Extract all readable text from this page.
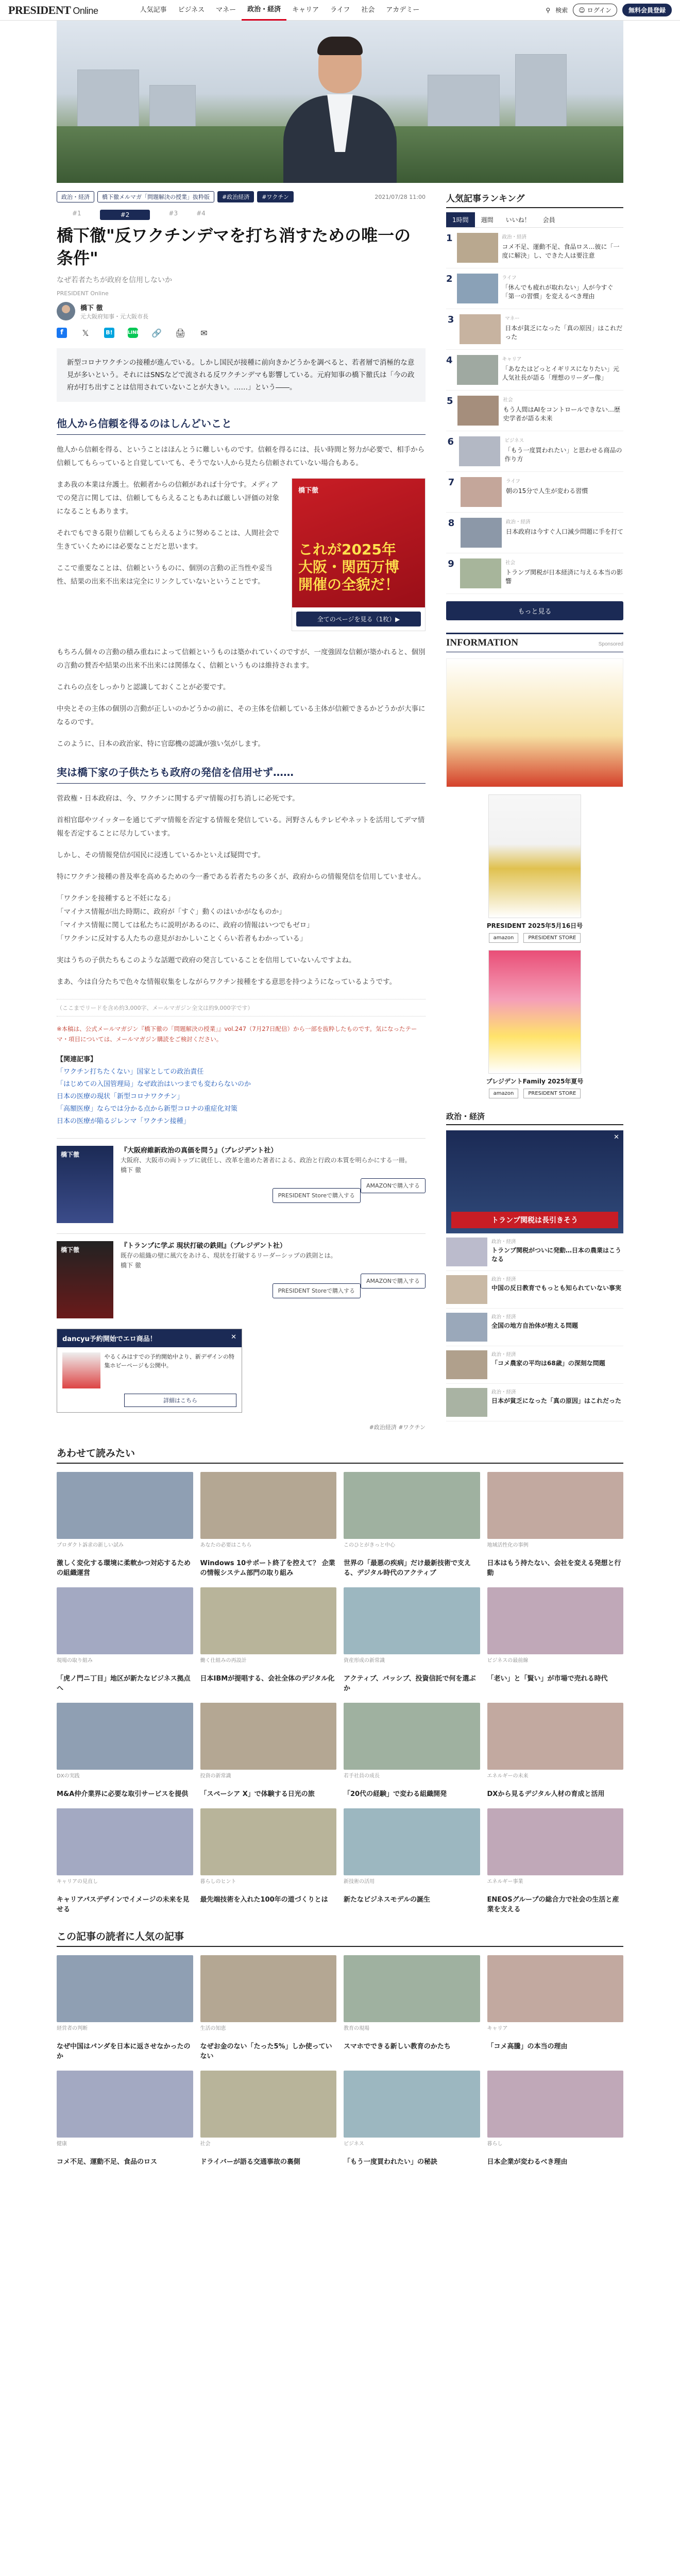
PRESIDENT Online	人気記事	ビジネス	マネー	政治・経済	キャリア	ライフ	社会	アカデミー	⚲ 検索	☺ ログイン	無料会員登録
政治・経済	橋下徹メルマガ「問題解決の授業」抜粋版	#政治経済	#ワクチン	2021/07/28 11:00
#1	#2	#3	#4
橋下徹"反ワクチンデマを打ち消すための唯一の条件"
なぜ若者たちが政府を信用しないか
PRESIDENT Online
橋下 徹
元大阪府知事・元大阪市長
f	𝕏	B!	LINE 🔗 🖨 ✉
新型コロナワクチンの接種が進んでいる。しかし国民が接種に前向きかどうかを調べると、若者層で消極的な意見が多いという。それにはSNSなどで流される反ワクチンデマも影響している。元府知事の橋下徹氏は「今の政府が打ち出すことは信用されていないことが大きい。……」という――。
他人から信頼を得るのはしんどいこと

他人から信頼を得る、ということはほんとうに難しいものです。信頼を得るには、長い時間と努力が必要で、相手から信頼してもらっていると自覚していても、そうでない人から見たら信頼されていない場合もある。

橋下徹
これが2025年
大阪・関西万博
開催の全貌だ！
全てのページを見る（1枚）▶

まあ我の本業は弁護士。依頼者からの信頼があれば十分です。メディアでの発言に関しては、信頼してもらえることもあれば厳しい評価の対象になることもあります。

それでもできる限り信頼してもらえるように努めることは、人間社会で生きていくためには必要なことだと思います。

ここで重要なことは、信頼というものに、個別の言動の正当性や妥当性、結果の出来不出来は完全にリンクしていないということです。

もちろん個々の言動の積み重ねによって信頼というものは築かれていくのですが、一度強固な信頼が築かれると、個別の言動の賛否や結果の出来不出来には関係なく、信頼というものは維持されます。

これらの点をしっかりと認識しておくことが必要です。

中央とその主体の個別の言動が正しいのかどうかの前に、その主体を信頼している主体が信頼できるかどうかが大事になるのです。

このように、日本の政治家、特に官邸機の認識が強い気がします。

実は橋下家の子供たちも政府の発信を信用せず……

菅政権・日本政府は、今、ワクチンに関するデマ情報の打ち消しに必死です。

首相官邸やツイッターを通じてデマ情報を否定する情報を発信している。河野さんもテレビやネットを活用してデマ情報を否定することに尽力しています。

しかし、その情報発信が国民に浸透しているかといえば疑問です。

特にワクチン接種の普及率を高めるための今一番である若者たちの多くが、政府からの情報発信を信用していません。

「ワクチンを接種すると不妊になる」
「マイナス情報が出た時期に、政府が「すぐ」動くのはいかがなものか」
「マイナス情報に関しては私たちに説明があるのに、政府の情報はいつでもゼロ」
「ワクチンに反対する人たちの意見がおかしいことくらい若者もわかっている」

実はうちの子供たちもこのような話題で政府の発言していることを信用していないんですよね。

まあ、今は自分たちで色々な情報収集をしながらワクチン接種をする意思を持つようになっているようです。

（ここまでリードを含め約3,000字、メールマガジン全文は約9,000字です）
※本稿は、公式メールマガジン『橋下徹の「問題解決の授業」』vol.247（7月27日配信）から一部を抜粋したものです。気になったテーマ・項目については、メールマガジン購読をご検討ください。
【関連記事】
「ワクチン打ちたくない」国家としての政治責任
「はじめての入国管理局」なぜ政治はいつまでも変わらないのか
日本の医療の現状「新型コロナワクチン」
「高額医療」ならでは分かる点から新型コロナの重症化対策
日本の医療が陥るジレンマ「ワクチン接種」
橋下徹	『大阪府維新政治の真価を問う』（プレジデント社）
大阪府、大阪市の両トップに就任し、改革を進めた著者による、政治と行政の本質を明らかにする一冊。
橋下 徹
AMAZONで購入する

PRESIDENT Storeで購入する
橋下徹	『トランプに学ぶ 現状打破の鉄則』（プレジデント社）
既存の組織の壁に風穴をあける、現状を打破するリーダーシップの鉄則とは。
橋下 徹
AMAZONで購入する

PRESIDENT Storeで購入する
dancyu予約開始でエロ商品！	✕
やるくみはすでの予約開始中より、新デザインの特集ホビーページも公開中。
詳細はこちら
#政治経済 #ワクチン
人気記事ランキング
1時間	週間	いいね！	会員
1	政治・経済
コメ不足、運動不足、食品ロス…彼に「一度に解決」し、できた人は要注意
2	ライフ
「休んでも疲れが取れない」人が今すぐ「第一の習慣」を変えるべき理由
3	マネー
日本が貧乏になった「真の原因」はこれだった
4	キャリア
「あなたはどっとイギリスになりたい」元人気社長が語る「理想のリーダー像」
5	社会
もう人間はAIをコントロールできない…歴史学者が語る未来
6	ビジネス
「もう一度買われたい」と思わせる商品の作り方
7	ライフ
朝の15分で人生が変わる習慣
8	政治・経済
日本政府は今すぐ人口減少問題に手を打て
9	社会
トランプ関税が日本経済に与える本当の影響
もっと見る
INFORMATION	Sponsored
PRESIDENT 2025年5月16日号
amazon	PRESIDENT STORE
プレジデントFamily 2025年夏号
amazon	PRESIDENT STORE
政治・経済
✕
トランプ関税は長引きそう
政治・経済
トランプ関税がついに発動…日本の農業はこうなる
政治・経済
中国の反日教育でもっとも知られていない事実
政治・経済
全国の地方自治体が抱える問題
政治・経済
「コメ農家の平均は68歳」の深刻な問題
政治・経済
日本が貧乏になった「真の原因」はこれだった
あわせて読みたい
プロダクト訴求の新しい試み
激しく変化する環境に柔軟かつ対応するための組織運営
あなたの必要はこちら
Windows 10サポート終了を控えて？ 企業の情報システム部門の取り組み
このひとがきっと中心
世界の「最悪の疾病」だけ最新技術で支える、デジタル時代のアクティブ
地域活性化の事例
日本はもう持たない、会社を変える発想と行動
現場の取り組み
「虎ノ門ニ丁目」地区が新たなビジネス拠点へ
働く仕組みの再設計
日本IBMが提唱する、会社全体のデジタル化
資産形成の新常識
アクティブ、パッシブ、投資信託で何を選ぶか
ビジネスの最前線
「老い」と「賢い」が市場で売れる時代
DXの実践
M&A仲介業界に必要な取引サービスを提供
投資の新常識
「スペーシア X」で体験する日光の旅
若手社員の成長
「20代の経験」で変わる組織開発
エネルギーの未来
DXから見るデジタル人材の育成と活用
キャリアの見直し
キャリアパスデザインでイメージの未来を見せる
暮らしのヒント
最先端技術を入れた100年の道づくりとは
新技術の活用
新たなビジネスモデルの誕生
エネルギー事業
ENEOSグループの総合力で社会の生活と産業を支える
この記事の読者に人気の記事
経営者の判断
なぜ中国はパンダを日本に返させなかったのか
生活の知恵
なぜお金のない「たった5%」しか使っていない
教育の現場
スマホでできる新しい教育のかたち
キャリア
「コメ高騰」の本当の理由
健康
コメ不足、運動不足、食品のロス
社会
ドライバーが語る交通事故の裏側
ビジネス
「もう一度買われたい」の秘訣
暮らし
日本企業が変わるべき理由
